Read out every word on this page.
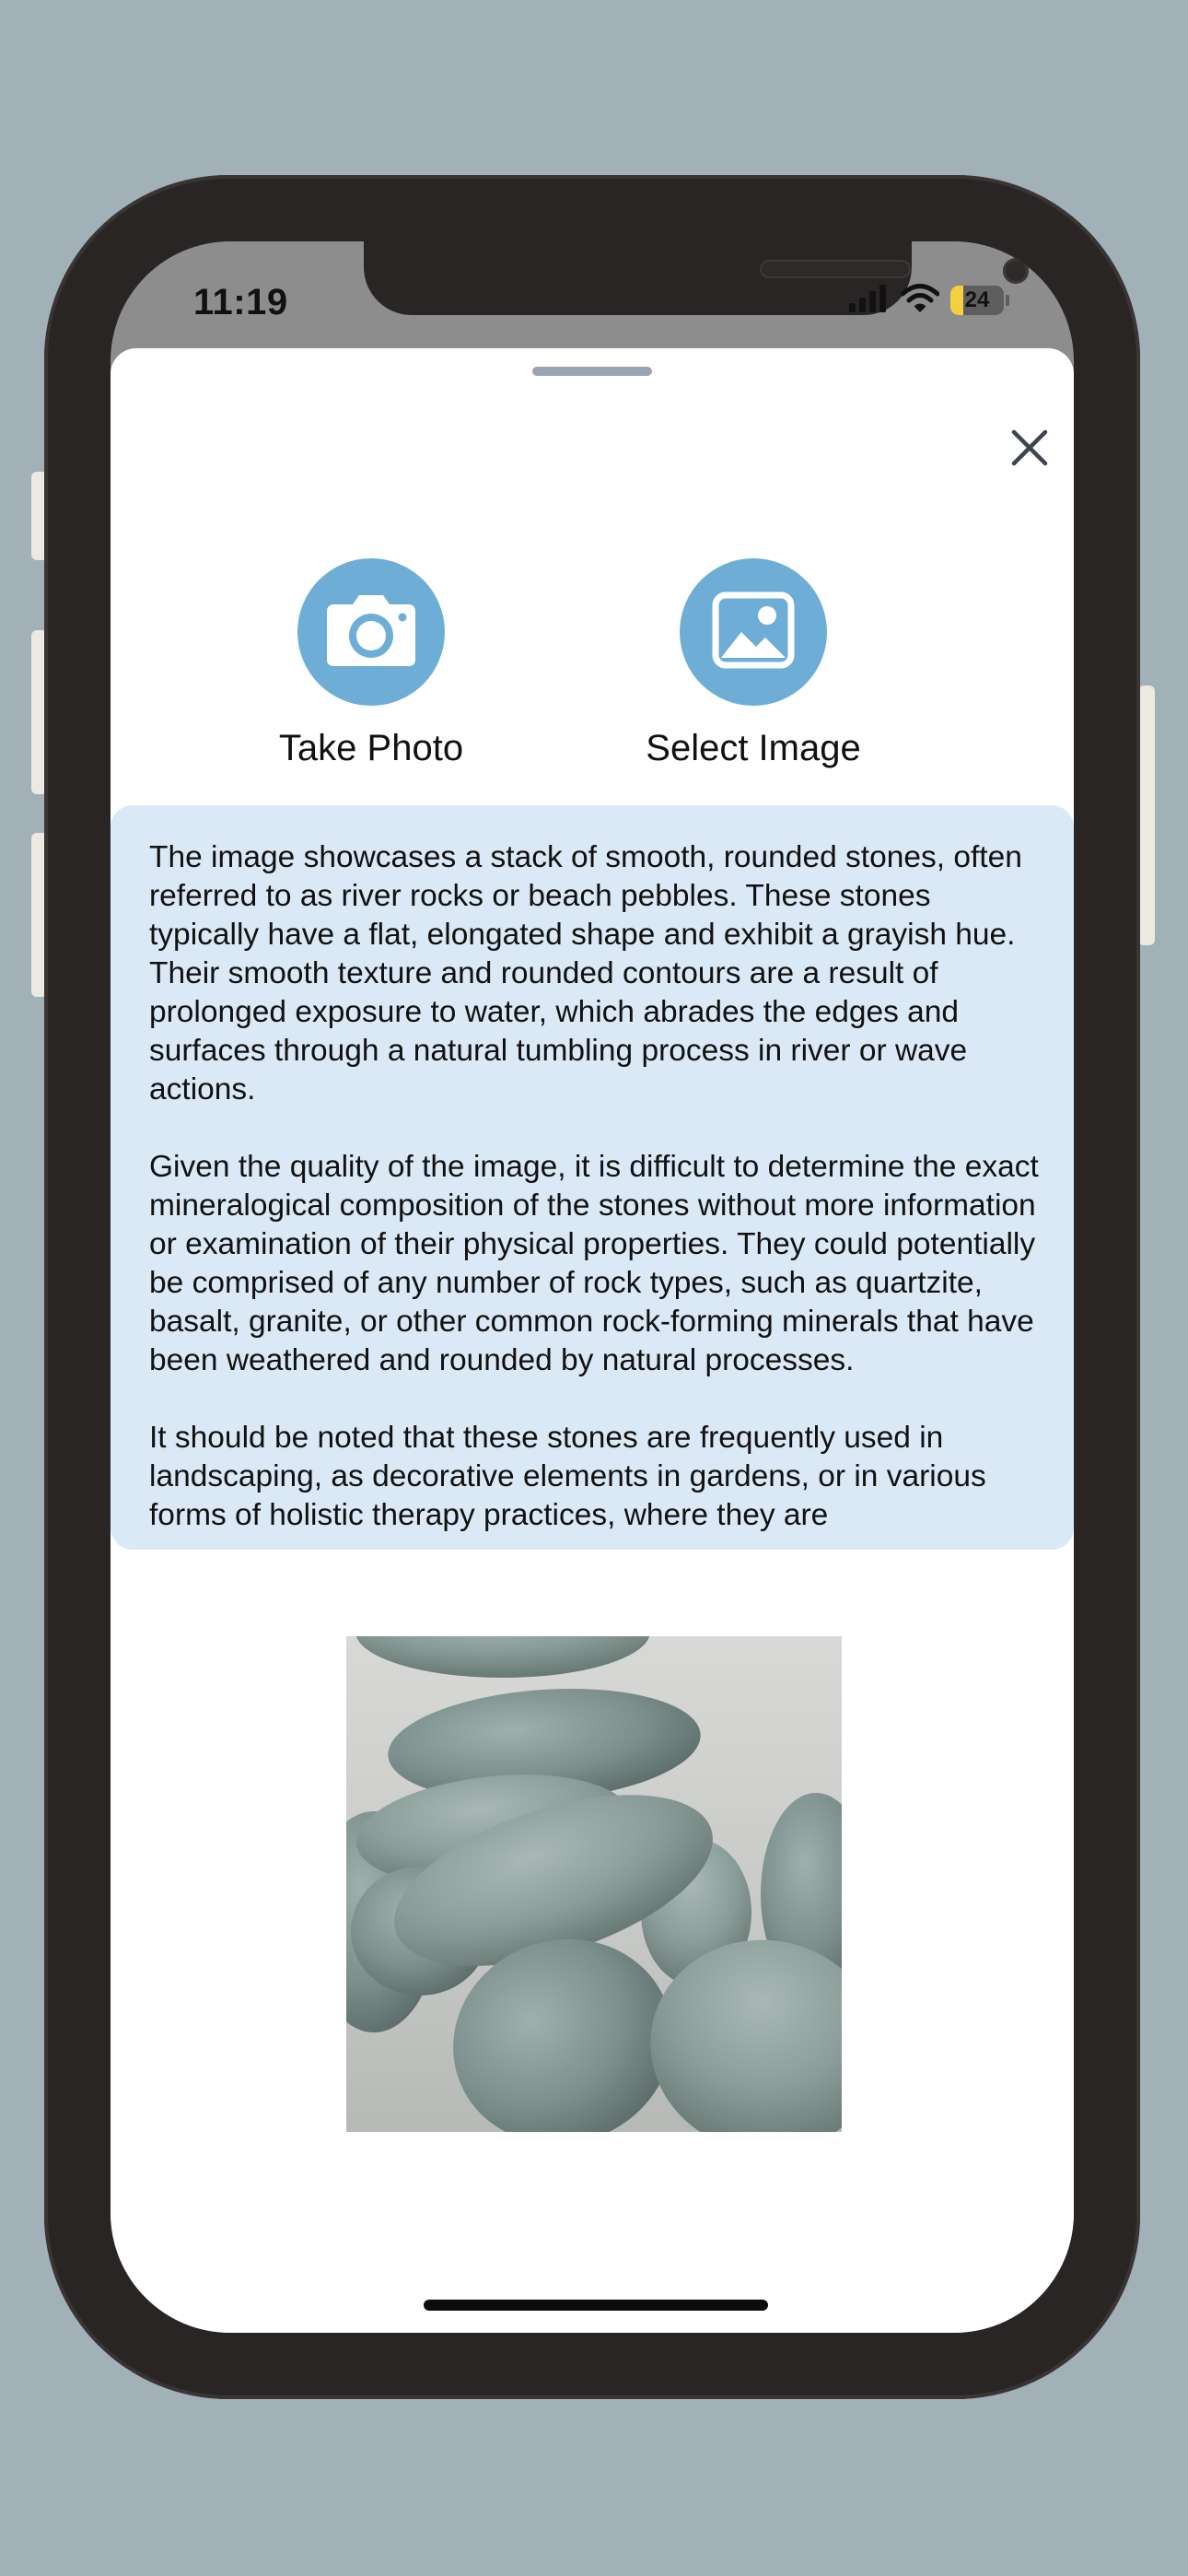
11:19	24
Take Photo	Select Image

The image showcases a stack of smooth, rounded stones, often referred to as river rocks or beach pebbles. These stones typically have a flat, elongated shape and exhibit a grayish hue. Their smooth texture and rounded contours are a result of prolonged exposure to water, which abrades the edges and surfaces through a natural tumbling process in river or wave actions.

Given the quality of the image, it is difficult to determine the exact mineralogical composition of the stones without more information or examination of their physical properties. They could potentially be comprised of any number of rock types, such as quartzite, basalt, granite, or other common rock-forming minerals that have been weathered and rounded by natural processes.

It should be noted that these stones are frequently used in landscaping, as decorative elements in gardens, or in various forms of holistic therapy practices, where they are
